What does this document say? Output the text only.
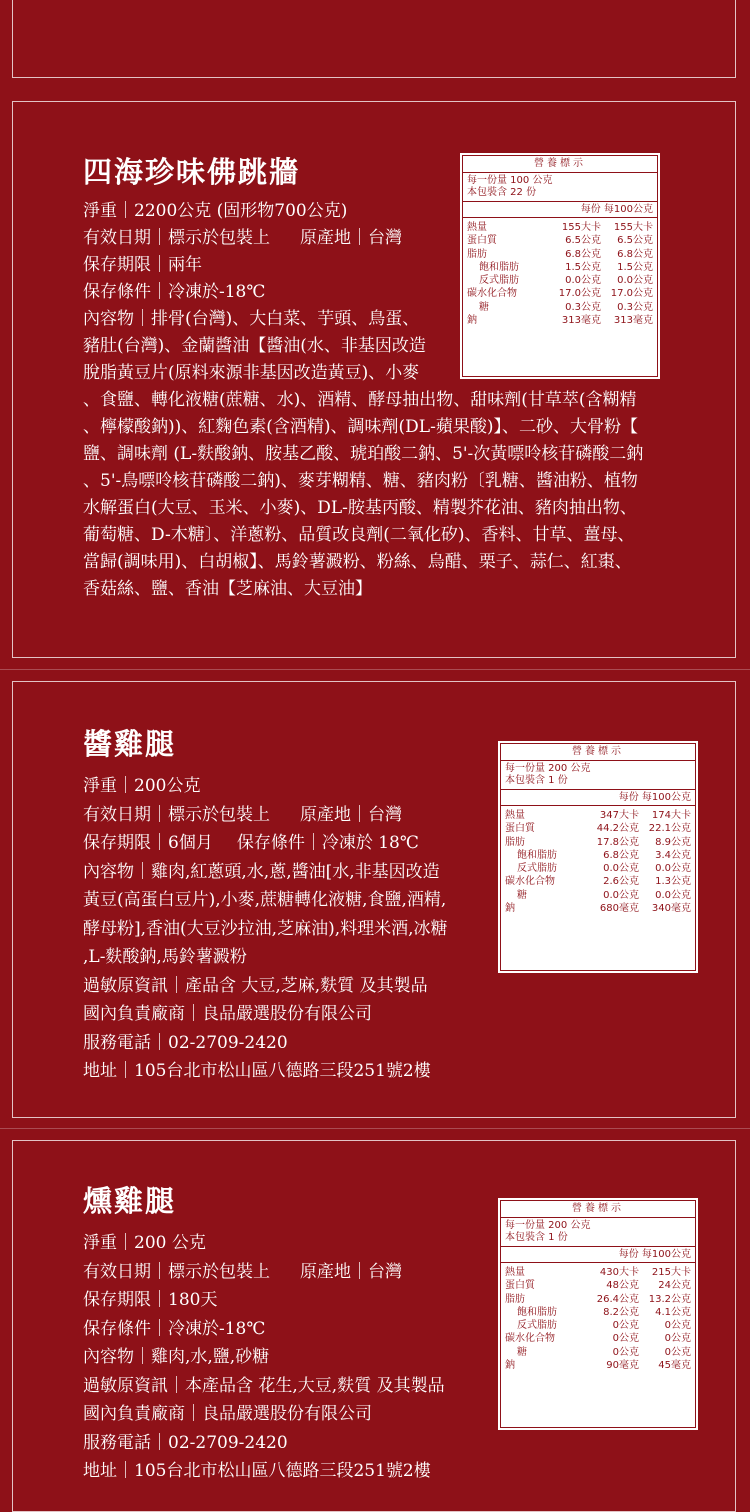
四海珍味佛跳牆
淨重｜2200公克 (固形物700公克)
有效日期｜標示於包裝上 原產地｜台灣
保存期限｜兩年
保存條件｜冷凍於-18℃
內容物｜排骨(台灣)、大白菜、芋頭、鳥蛋、
豬肚(台灣)、金蘭醬油【醬油(水、非基因改造
脫脂黃豆片(原料來源非基因改造黃豆)、小麥
、食鹽、轉化液糖(蔗糖、水)、酒精、酵母抽出物、甜味劑(甘草萃(含糊精
、檸檬酸鈉))、紅麴色素(含酒精)、調味劑(DL-蘋果酸)】、二砂、大骨粉【
鹽、調味劑 (L-麩酸鈉、胺基乙酸、琥珀酸二鈉、5'-次黃嘌呤核苷磷酸二鈉
、5'-鳥嘌呤核苷磷酸二鈉)、麥芽糊精、糖、豬肉粉〔乳糖、醬油粉、植物
水解蛋白(大豆、玉米、小麥)、DL-胺基丙酸、精製芥花油、豬肉抽出物、
葡萄糖、D-木糖〕、洋蔥粉、品質改良劑(二氧化矽)、香料、甘草、薑母、
當歸(調味用)、白胡椒】、馬鈴薯澱粉、粉絲、烏醋、栗子、蒜仁、紅棗、
香菇絲、鹽、香油【芝麻油、大豆油】
營養標示
每一份量 100 公克
本包裝含 22 份
每份 每100公克
熱量	155大卡	155大卡
蛋白質	6.5公克	6.5公克
脂肪	6.8公克	6.8公克
飽和脂肪	1.5公克	1.5公克
反式脂肪	0.0公克	0.0公克
碳水化合物	17.0公克 17.0公克
糖	0.3公克	0.3公克
鈉	313毫克	313毫克
醬雞腿
淨重｜200公克
有效日期｜標示於包裝上 原產地｜台灣
保存期限｜6個月 保存條件｜冷凍於 18℃
內容物｜雞肉,紅蔥頭,水,蔥,醬油[水,非基因改造
黃豆(高蛋白豆片),小麥,蔗糖轉化液糖,食鹽,酒精,
酵母粉],香油(大豆沙拉油,芝麻油),料理米酒,冰糖
,L-麩酸鈉,馬鈴薯澱粉
過敏原資訊｜產品含 大豆,芝麻,麩質 及其製品
國內負責廠商｜良品嚴選股份有限公司
服務電話｜02-2709-2420
地址｜105台北市松山區八德路三段251號2樓
營養標示
每一份量 200 公克
本包裝含 1 份
每份 每100公克
熱量	347大卡	174大卡
蛋白質	44.2公克 22.1公克
脂肪	17.8公克	8.9公克
飽和脂肪	6.8公克	3.4公克
反式脂肪	0.0公克	0.0公克
碳水化合物	2.6公克	1.3公克
糖	0.0公克	0.0公克
鈉	680毫克	340毫克
燻雞腿
淨重｜200 公克
有效日期｜標示於包裝上 原產地｜台灣
保存期限｜180天
保存條件｜冷凍於-18℃
內容物｜雞肉,水,鹽,砂糖
過敏原資訊｜本產品含 花生,大豆,麩質 及其製品
國內負責廠商｜良品嚴選股份有限公司
服務電話｜02-2709-2420
地址｜105台北市松山區八德路三段251號2樓
營養標示
每一份量 200 公克
本包裝含 1 份
每份 每100公克
熱量	430大卡	215大卡
蛋白質	48公克	24公克
脂肪	26.4公克 13.2公克
飽和脂肪	8.2公克	4.1公克
反式脂肪	0公克	0公克
碳水化合物	0公克	0公克
糖	0公克	0公克
鈉	90毫克	45毫克
